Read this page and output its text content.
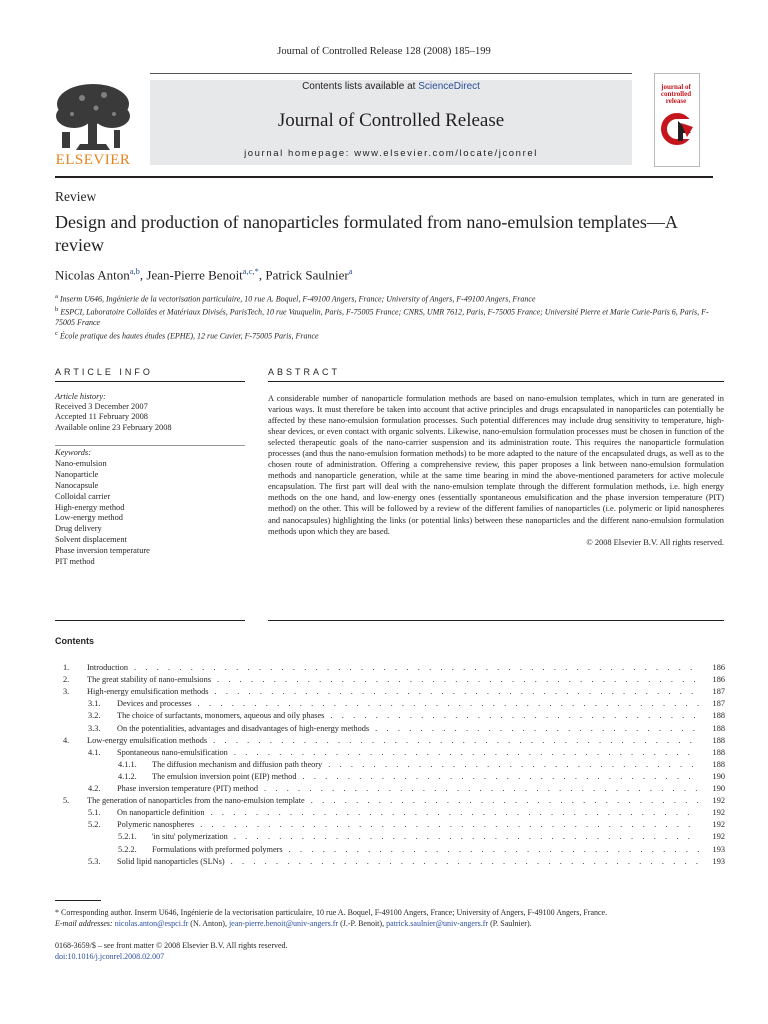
Journal of Controlled Release 128 (2008) 185–199
ELSEVIER
Contents lists available at ScienceDirect
Journal of Controlled Release
journal homepage: www.elsevier.com/locate/jconrel
journal of controlled release
Review
Design and production of nanoparticles formulated from nano-emulsion templates—A review
Nicolas Anton$^{a,b}$, Jean-Pierre Benoit$^{a,c,*}$, Patrick Saulnier$^a$

$^a$ Inserm U646, Ingénierie de la vectorisation particulaire, 10 rue A. Boquel, F-49100 Angers, France; University of Angers, F-49100 Angers, France

$^b$ ESPCI, Laboratoire Colloïdes et Matériaux Divisés, ParisTech, 10 rue Vauquelin, Paris, F-75005 France; CNRS, UMR 7612, Paris, F-75005 France; Université Pierre et Marie Curie-Paris 6, Paris, F-75005 France

$^c$ École pratique des hautes études (EPHE), 12 rue Cuvier, F-75005 Paris, France

ARTICLE INFO
Article history:
Received 3 December 2007
Accepted 11 February 2008
Available online 23 February 2008
Keywords:
Nano-emulsion
Nanoparticle
Nanocapsule
Colloidal carrier
High-energy method
Low-energy method
Drug delivery
Solvent displacement
Phase inversion temperature
PIT method
ABSTRACT

A considerable number of nanoparticle formulation methods are based on nano-emulsion templates, which in turn are generated in various ways. It must therefore be taken into account that active principles and drugs encapsulated in nanoparticles can potentially be affected by these nano-emulsion formulation processes. Such potential differences may include drug sensitivity to temperature, high-shear devices, or even contact with organic solvents. Likewise, nano-emulsion formulation processes must be chosen in function of the selected therapeutic goals of the nano-carrier suspension and its administration route. This requires the nanoparticle formulation processes (and thus the nano-emulsion formation methods) to be more adapted to the nature of the encapsulated drugs, as well as to the chosen route of administration. Offering a comprehensive review, this paper proposes a link between nano-emulsion formulation methods and nanoparticle generation, while at the same time bearing in mind the above-mentioned parameters for active molecule encapsulation. The first part will deal with the nano-emulsion template through the different formulation methods, i.e. high energy methods on the one hand, and low-energy ones (essentially spontaneous emulsification and the phase inversion temperature (PIT) method) on the other. This will be followed by a review of the different families of nanoparticles (i.e. polymeric or lipid nanospheres and nanocapsules) highlighting the links (or potential links) between these nanoparticles and the different nano-emulsion formulation methods upon which they are based.

© 2008 Elsevier B.V. All rights reserved.
Contents
1.	Introduction . . .	186
2.	The great stability of nano-emulsions . . .	186
3.	High-energy emulsification methods . . .	187
3.1.	Devices and processes . . .	187
3.2.	The choice of surfactants, monomers, aqueous and oily phases . . .	188
3.3.	On the potentialities, advantages and disadvantages of high-energy methods . . .	188
4.	Low-energy emulsification methods . . .	188
4.1.	Spontaneous nano-emulsification . . .	188
4.1.1.	The diffusion mechanism and diffusion path theory . . .	188
4.1.2.	The emulsion inversion point (EIP) method . . .	190
4.2.	Phase inversion temperature (PIT) method . . .	190
5.	The generation of nanoparticles from the nano-emulsion template . . .	192
5.1.	On nanoparticle definition . . .	192
5.2.	Polymeric nanospheres . . .	192
5.2.1.	'in situ' polymerization . . .	192
5.2.2.	Formulations with preformed polymers . . .	193
5.3.	Solid lipid nanoparticles (SLNs) . . .	193

* Corresponding author. Inserm U646, Ingénierie de la vectorisation particulaire, 10 rue A. Boquel, F-49100 Angers, France; University of Angers, F-49100 Angers, France.

E-mail addresses: nicolas.anton@espci.fr (N. Anton), jean-pierre.benoit@univ-angers.fr (J.-P. Benoit), patrick.saulnier@univ-angers.fr (P. Saulnier).

0168-3659/$ – see front matter © 2008 Elsevier B.V. All rights reserved.
doi:10.1016/j.jconrel.2008.02.007
